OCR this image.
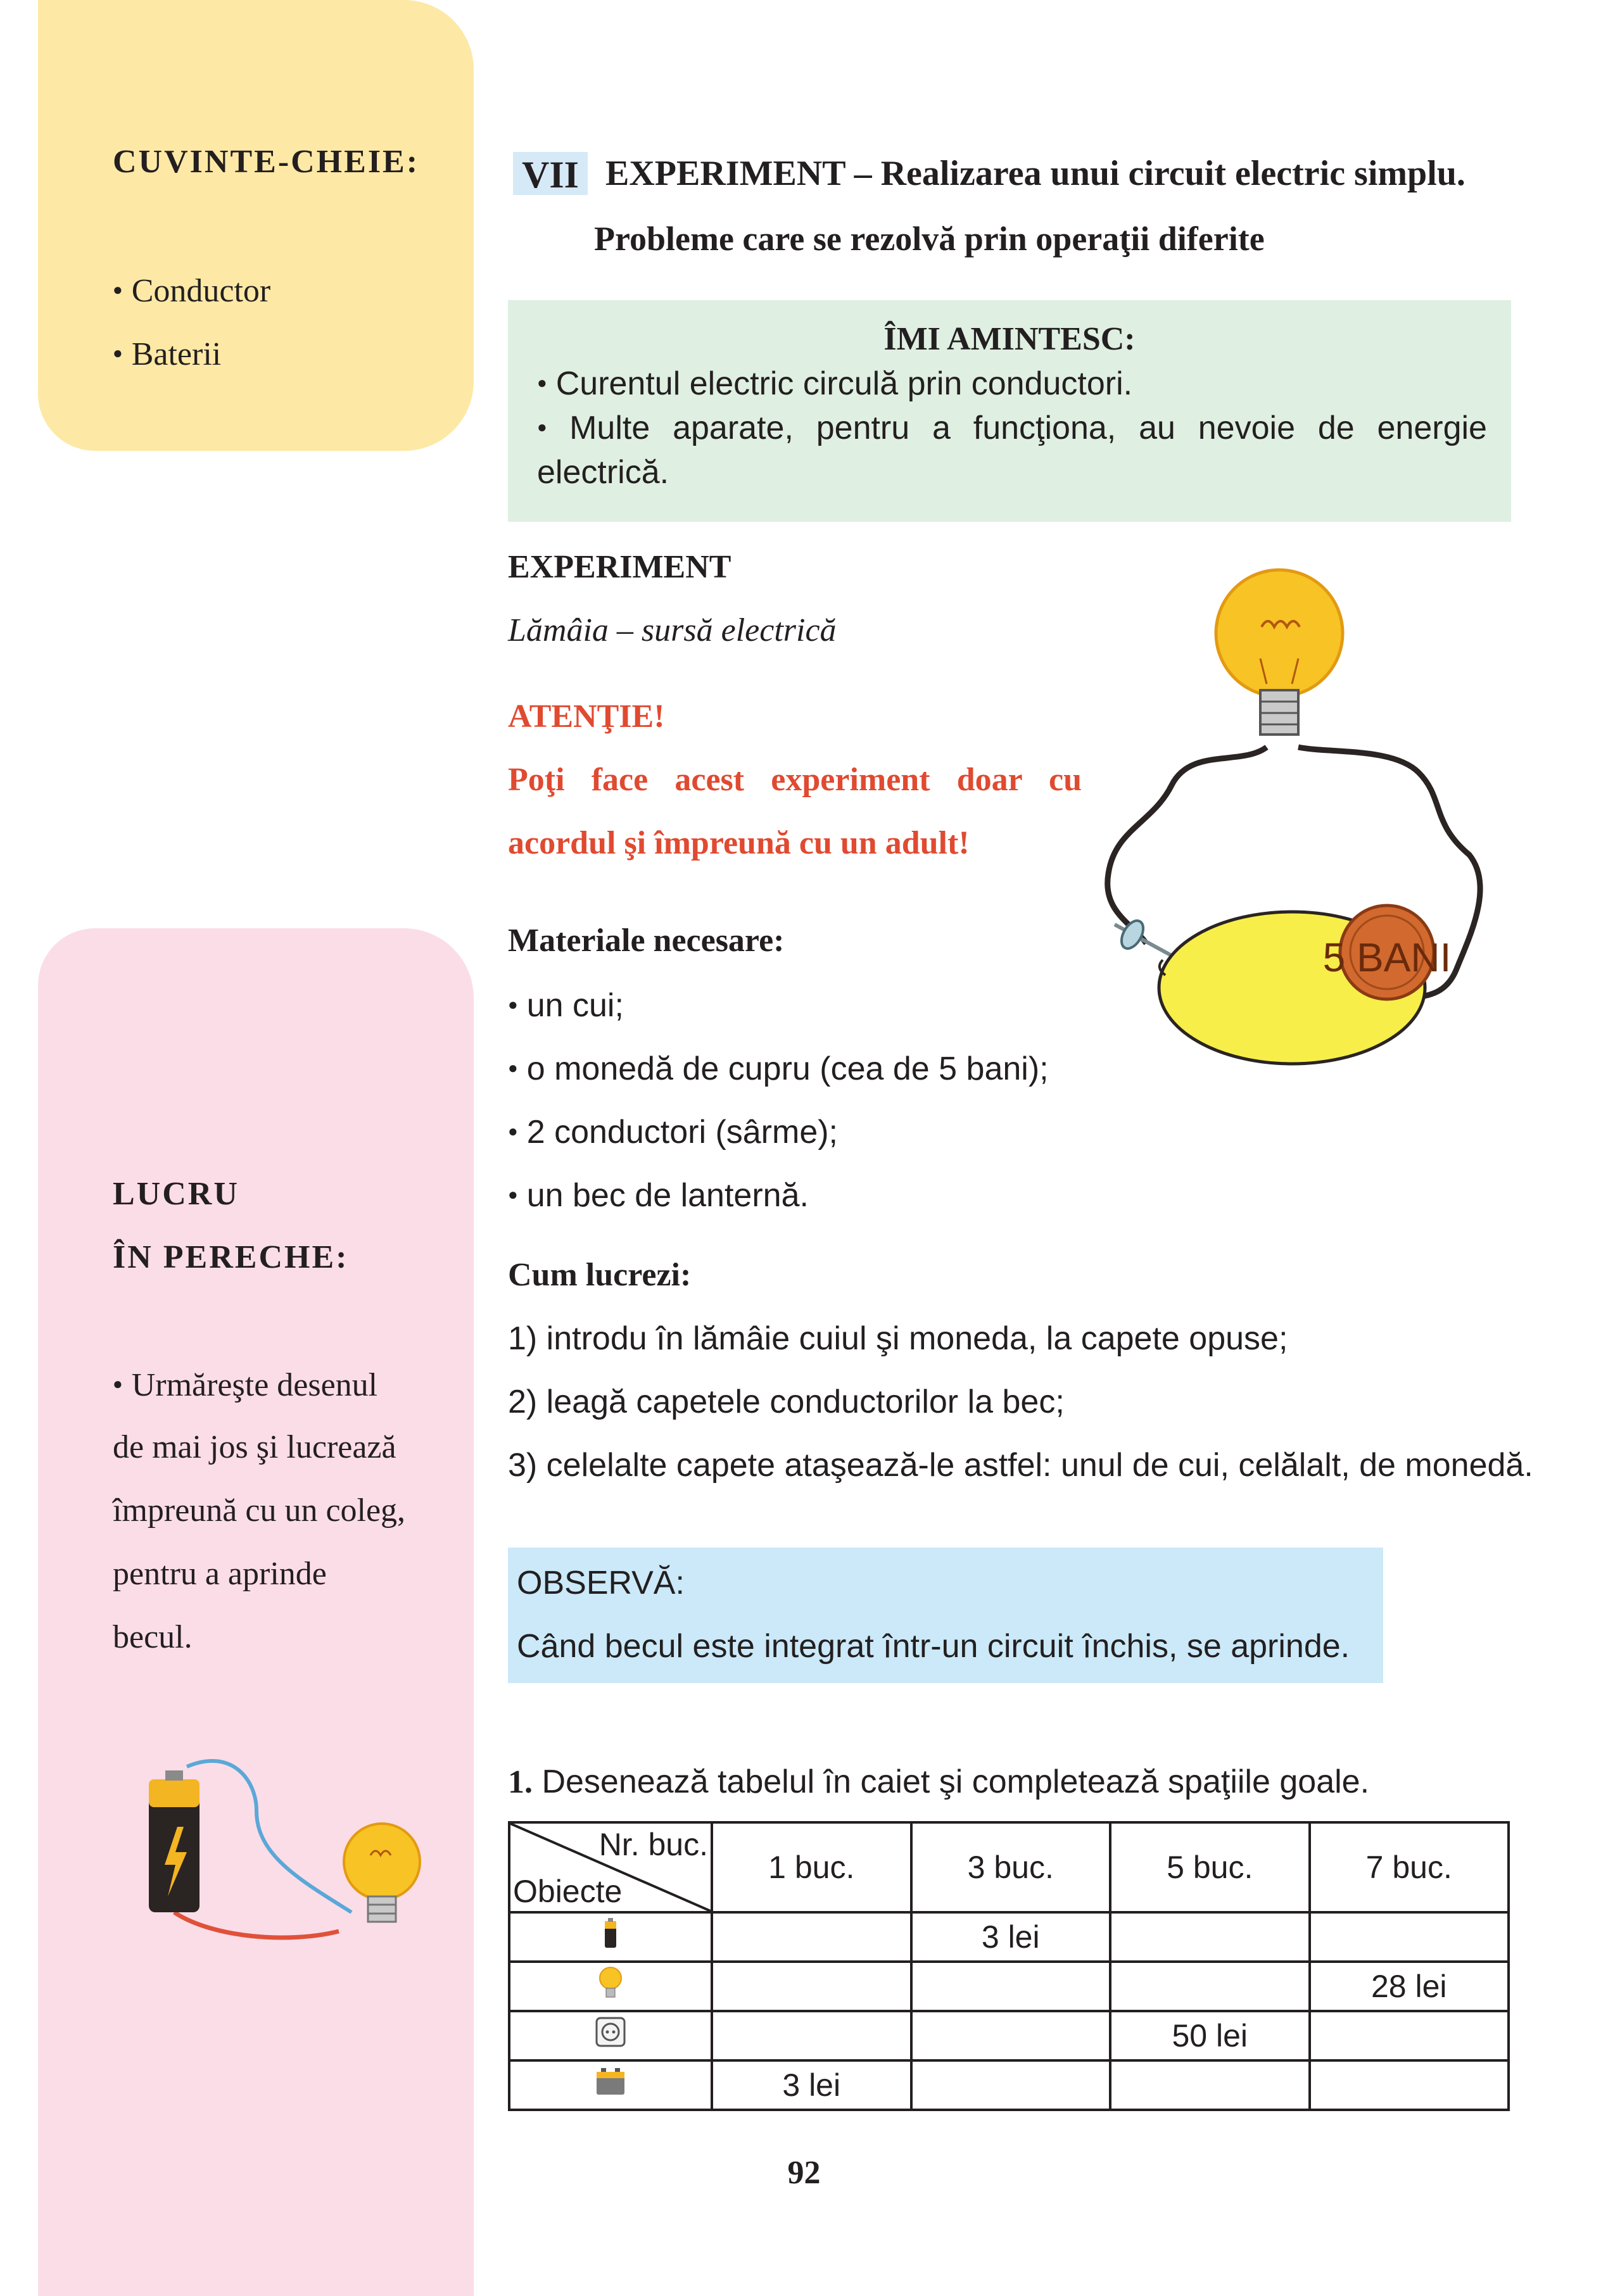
CUVINTE-CHEIE:
● Conductor
● Baterii
LUCRU
ÎN PERECHE:
● Urmăreşte desenul
de mai jos şi lucrează
împreună cu un coleg,
pentru a aprinde
becul.
VII EXPERIMENT – Realizarea unui circuit electric simplu.
Probleme care se rezolvă prin operaţii diferite
ÎMI AMINTESC:
● Curentul electric circulă prin conductori.
● Multe aparate, pentru a funcţiona, au nevoie de energie
electrică.
EXPERIMENT
Lămâia – sursă electrică
ATENŢIE!
Poţi face acest experiment doar cu
acordul şi împreună cu un adult!
5 BANI
Materiale necesare:
● un cui;
● o monedă de cupru (cea de 5 bani);
● 2 conductori (sârme);
● un bec de lanternă.
Cum lucrezi:
1) introdu în lămâie cuiul şi moneda, la capete opuse;
2) leagă capetele conductorilor la bec;
3) celelalte capete ataşează-le astfel: unul de cui, celălalt, de monedă.
OBSERVĂ:
Când becul este integrat într-un circuit închis, se aprinde.
1. Desenează tabelul în caiet şi completează spaţiile goale.
Nr. buc.
Obiecte	1 buc.	3 buc.	5 buc.	7 buc.
		3 lei		
				28 lei
			50 lei	
	3 lei			
92
